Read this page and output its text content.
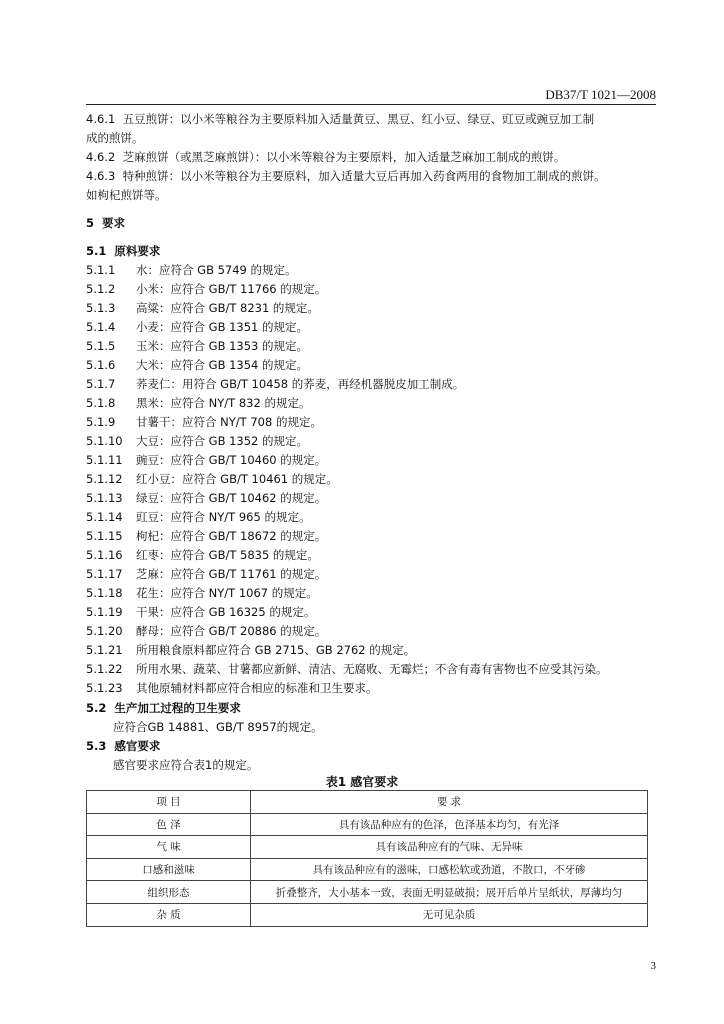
DB37/T 1021—2008
4.6.1 五豆煎饼：以小米等粮谷为主要原料加入适量黄豆、黑豆、红小豆、绿豆、豇豆或豌豆加工制
成的煎饼。
4.6.2 芝麻煎饼（或黑芝麻煎饼）：以小米等粮谷为主要原料，加入适量芝麻加工制成的煎饼。
4.6.3 特种煎饼：以小米等粮谷为主要原料，加入适量大豆后再加入药食两用的食物加工制成的煎饼。
如枸杞煎饼等。
5 要求
5.1 原料要求
5.1.1 水：应符合 GB 5749 的规定。
5.1.2 小米：应符合 GB/T 11766 的规定。
5.1.3 高粱：应符合 GB/T 8231 的规定。
5.1.4 小麦：应符合 GB 1351 的规定。
5.1.5 玉米：应符合 GB 1353 的规定。
5.1.6 大米：应符合 GB 1354 的规定。
5.1.7 荞麦仁：用符合 GB/T 10458 的荞麦，再经机器脱皮加工制成。
5.1.8 黑米：应符合 NY/T 832 的规定。
5.1.9 甘薯干：应符合 NY/T 708 的规定。
5.1.10 大豆：应符合 GB 1352 的规定。
5.1.11 豌豆：应符合 GB/T 10460 的规定。
5.1.12 红小豆：应符合 GB/T 10461 的规定。
5.1.13 绿豆：应符合 GB/T 10462 的规定。
5.1.14 豇豆：应符合 NY/T 965 的规定。
5.1.15 枸杞：应符合 GB/T 18672 的规定。
5.1.16 红枣：应符合 GB/T 5835 的规定。
5.1.17 芝麻：应符合 GB/T 11761 的规定。
5.1.18 花生：应符合 NY/T 1067 的规定。
5.1.19 干果：应符合 GB 16325 的规定。
5.1.20 酵母：应符合 GB/T 20886 的规定。
5.1.21 所用粮食原料都应符合 GB 2715、GB 2762 的规定。
5.1.22 所用水果、蔬菜、甘薯都应新鲜、清洁、无腐败、无霉烂；不含有毒有害物也不应受其污染。
5.1.23 其他原辅材料都应符合相应的标准和卫生要求。
5.2 生产加工过程的卫生要求
应符合GB 14881、GB/T 8957的规定。
5.3 感官要求
感官要求应符合表1的规定。
表1 感官要求
项 目	要 求
色 泽	具有该品种应有的色泽，色泽基本均匀，有光泽
气 味	具有该品种应有的气味、无异味
口感和滋味	具有该品种应有的滋味，口感松软或劲道，不散口，不牙碜
组织形态	折叠整齐，大小基本一致，表面无明显破损；展开后单片呈纸状，厚薄均匀
杂 质	无可见杂质
3
